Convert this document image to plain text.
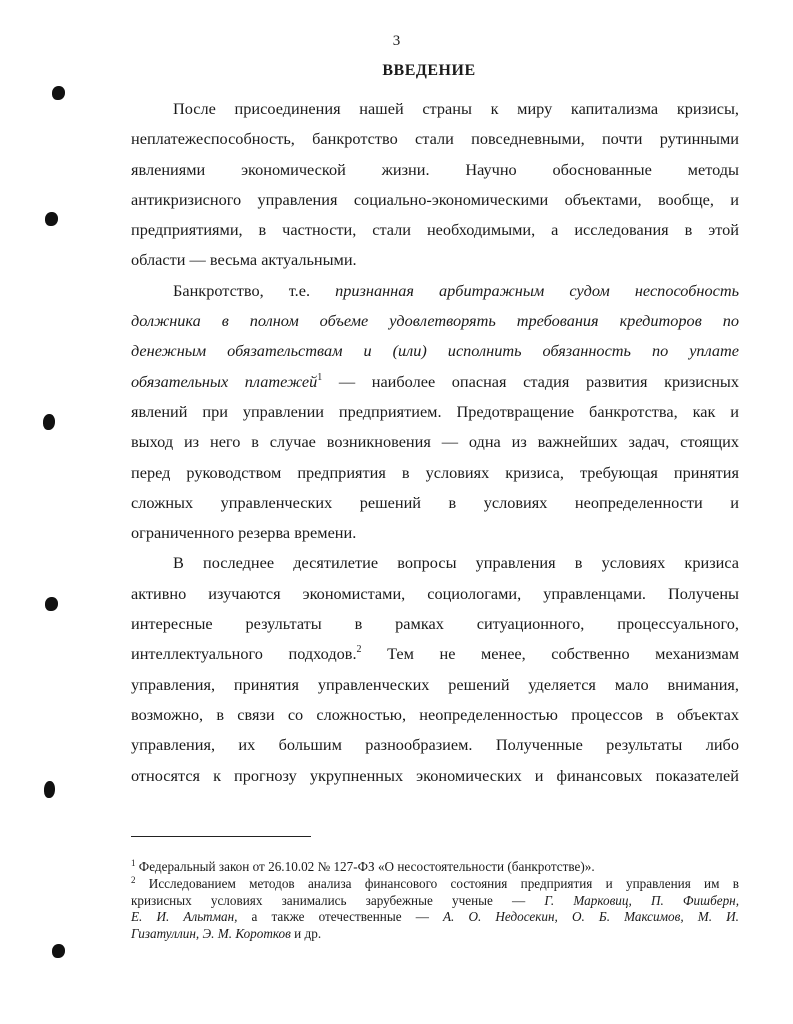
3
ВВЕДЕНИЕ

После присоединения нашей страны к миру капитализма кризисы,
неплатежеспособность, банкротство стали повседневными, почти рутинными
явлениями экономической жизни. Научно обоснованные методы
антикризисного управления социально-экономическими объектами, вообще, и
предприятиями, в частности, стали необходимыми, а исследования в этой
области — весьма актуальными.

Банкротство, т.е. признанная арбитражным судом неспособность
должника в полном объеме удовлетворять требования кредиторов по
денежным обязательствам и (или) исполнить обязанность по уплате
обязательных платежей$^1$ — наиболее опасная стадия развития кризисных
явлений при управлении предприятием. Предотвращение банкротства, как и
выход из него в случае возникновения — одна из важнейших задач, стоящих
перед руководством предприятия в условиях кризиса, требующая принятия
сложных управленческих решений в условиях неопределенности и
ограниченного резерва времени.

В последнее десятилетие вопросы управления в условиях кризиса
активно изучаются экономистами, социологами, управленцами. Получены
интересные результаты в рамках ситуационного, процессуального,
интеллектуального подходов.$^2$ Тем не менее, собственно механизмам
управления, принятия управленческих решений уделяется мало внимания,
возможно, в связи со сложностью, неопределенностью процессов в объектах
управления, их большим разнообразием. Полученные результаты либо
относятся к прогнозу укрупненных экономических и финансовых показателей

$^1$ Федеральный закон от 26.10.02 № 127-ФЗ «О несостоятельности (банкротстве)».
$^2$ Исследованием методов анализа финансового состояния предприятия и управления им в
кризисных условиях занимались зарубежные ученые — Г. Марковиц, П. Фишберн,
Е. И. Альтман, а также отечественные — А. О. Недосекин, О. Б. Максимов, М. И.
Гизатуллин, Э. М. Коротков и др.
